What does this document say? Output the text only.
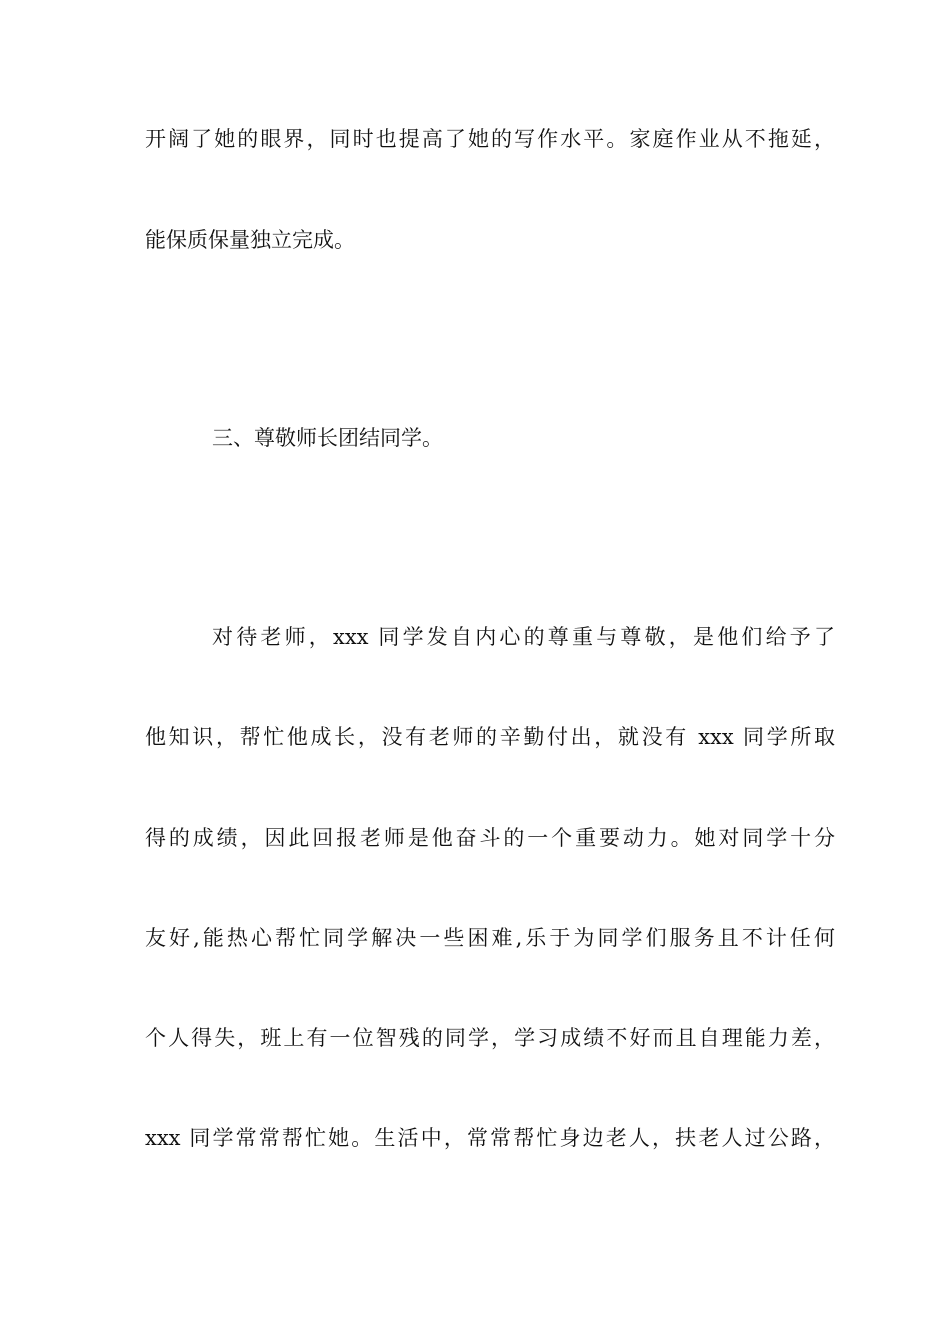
开阔了她的眼界，同时也提高了她的写作水平。家庭作业从不拖延，
能保质保量独立完成。
三、尊敬师长团结同学。
对待老师，xxx 同学发自内心的尊重与尊敬，是他们给予了
他知识，帮忙他成长，没有老师的辛勤付出，就没有 xxx 同学所取
得的成绩，因此回报老师是他奋斗的一个重要动力。她对同学十分
友好,能热心帮忙同学解决一些困难,乐于为同学们服务且不计任何
个人得失，班上有一位智残的同学，学习成绩不好而且自理能力差，
xxx 同学常常帮忙她。生活中，常常帮忙身边老人，扶老人过公路，
